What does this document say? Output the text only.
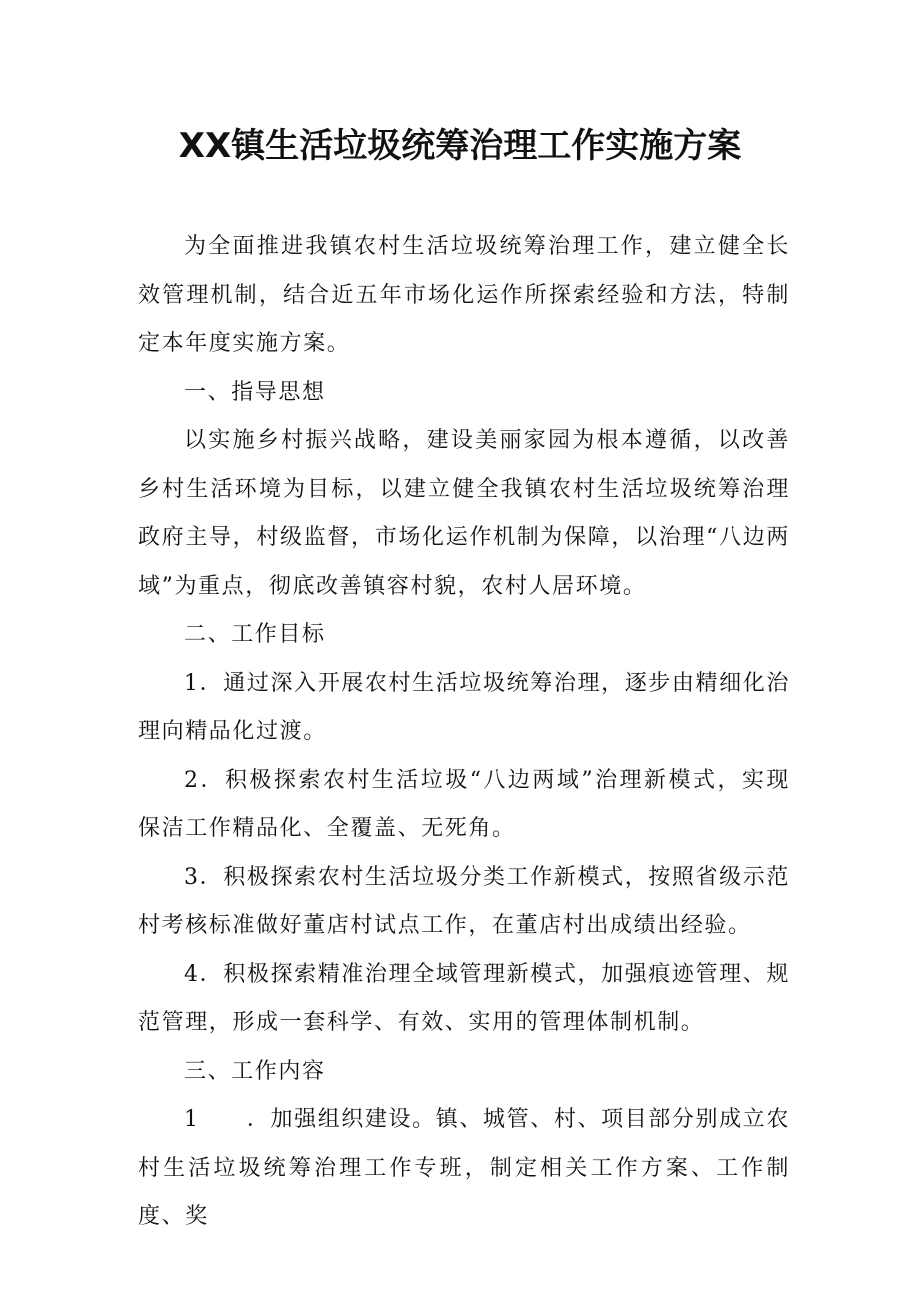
XX镇生活垃圾统筹治理工作实施方案

为全面推进我镇农村生活垃圾统筹治理工作，建立健全长效管理机制，结合近五年市场化运作所探索经验和方法，特制定本年度实施方案。

一、指导思想

以实施乡村振兴战略，建设美丽家园为根本遵循，以改善乡村生活环境为目标，以建立健全我镇农村生活垃圾统筹治理政府主导，村级监督，市场化运作机制为保障，以治理“八边两域”为重点，彻底改善镇容村貌，农村人居环境。

二、工作目标

1．通过深入开展农村生活垃圾统筹治理，逐步由精细化治理向精品化过渡。

2．积极探索农村生活垃圾“八边两域”治理新模式，实现保洁工作精品化、全覆盖、无死角。

3．积极探索农村生活垃圾分类工作新模式，按照省级示范村考核标准做好董店村试点工作，在董店村出成绩出经验。

4．积极探索精准治理全域管理新模式，加强痕迹管理、规范管理，形成一套科学、有效、实用的管理体制机制。

三、工作内容

1　　．加强组织建设。镇、城管、村、项目部分别成立农村生活垃圾统筹治理工作专班，制定相关工作方案、工作制度、奖
